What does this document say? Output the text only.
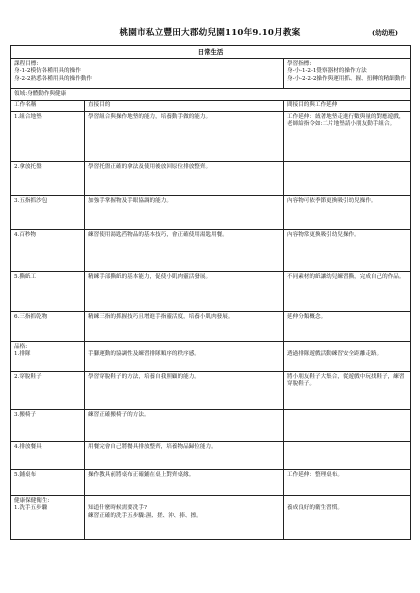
桃園市私立豐田大郡幼兒園110年9.10月教案	(幼幼班)
日常生活		

課程目標:
身-1-2模仿各種用具的操作
身-2-2熟悉各種用具的操作動作		學習指標:
身-小-1-2-1覺察器材的操作方法
身-小-2-2-2操作與運用抓、握、扭轉的精細動作

領域:身體動作與健康		
工作名稱	直接目的	間接目的與工作延伸
1.組合地墊	學習組合與操作地墊的能力，培養動手做的能力。	工作延伸：絨著地墊走進行數與量的對應遊戲，老師給指令如:二片地墊請小朋友動手組合。
2.拿放托盤	學習托盤正確的拿法及使用後放回原位排放整齊。	
3.五指抓沙包	加強手掌握物及手眼協調的能力。	內容物可依季節更換吸引幼兒操作。
4.百秒物	練習使用湯匙舀物品的基本技巧，會正確使用湯匙用餐。	內容物常更換吸引幼兒操作。
5.撕紙工	精練手部撕紙的基本能力，促使小肌肉靈活發展。	不同素材的紙讓幼兒練習撕，完成自己的作品。
6.三指抓乾物	精練三指的抓握技巧且增進手指靈活度，培養小肌肉發展。	延伸分類概念。

品格:
1.排隊	手腳運動的協調性及練習排隊順序的秩序感。	透過排隊遊戲活動練習安全距離走路。

2.穿脫鞋子	學習穿脫鞋子的方法，培養自我照顧的能力。	將小朋友鞋子大集合，從遊戲中玩找鞋子，練習穿脫鞋子。
3.搬椅子	練習正確搬椅子的方法。	
4.排放餐具	用餐完會自己將餐具排放整齊，培養物品歸位能力。	
5.鋪桌布	操作教具前將桌布正確鋪在桌上對齊桌緣。	工作延伸：整理桌布。

健康保健衛生:
1.洗手五步驟	知道什麼時候需要洗手?
練習正確的洗手五步驟:濕、搓、沖、捧、擦。	養成良好的衛生習慣。
